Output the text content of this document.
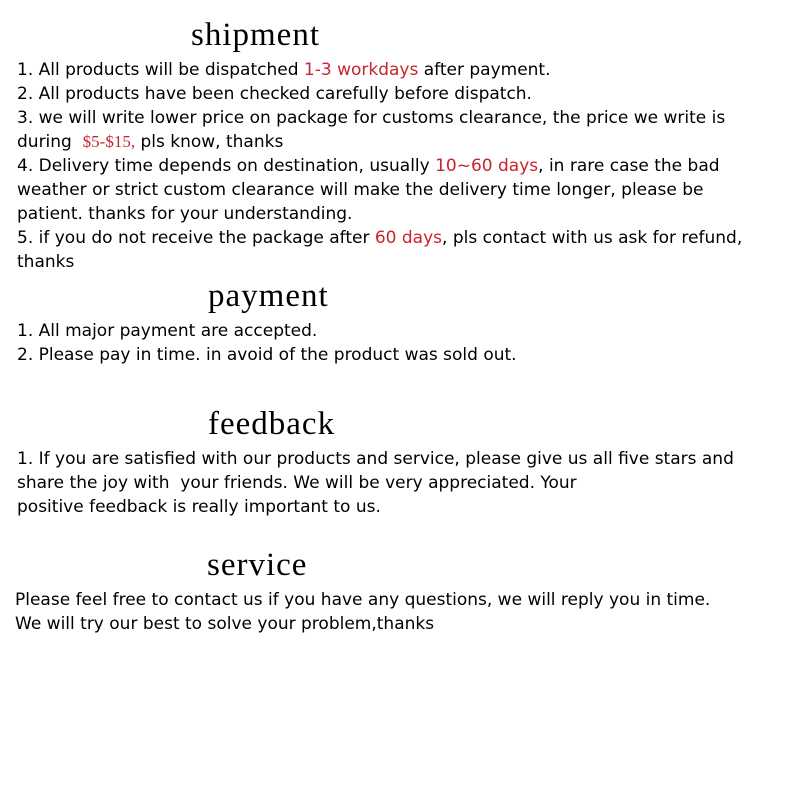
shipment

1. All products will be dispatched 1-3 workdays after payment.

2. All products have been checked carefully before dispatch.

3. we will write lower price on package for customs clearance, the price we write is during  $5-$15, pls know, thanks

4. Delivery time depends on destination, usually 10~60 days, in rare case the bad weather or strict custom clearance will make the delivery time longer, please be patient. thanks for your understanding.

5. if you do not receive the package after 60 days, pls contact with us ask for refund, thanks

payment

1. All major payment are accepted.

2. Please pay in time. in avoid of the product was sold out.

feedback

1. If you are satisfied with our products and service, please give us all five stars and

share the joy with  your friends. We will be very appreciated. Your

positive feedback is really important to us.

service

Please feel free to contact us if you have any questions, we will reply you in time. We will try our best to solve your problem,thanks
